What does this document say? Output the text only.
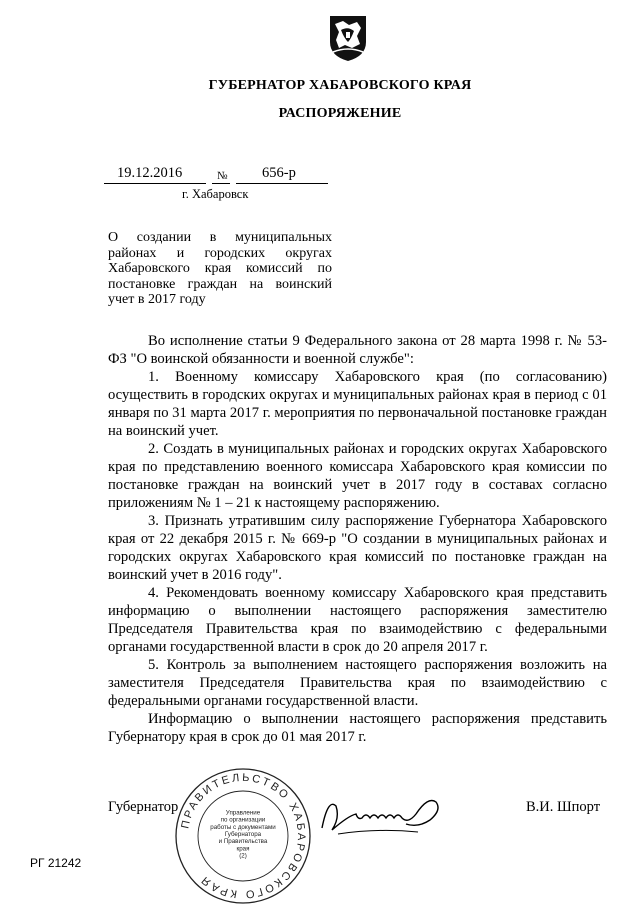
ГУБЕРНАТОР ХАБАРОВСКОГО КРАЯ
РАСПОРЯЖЕНИЕ
19.12.2016	№ 656-р
г. Хабаровск
О создании в муниципальных районах и городских округах Хабаровского края комиссий по постановке граждан на воинский учет в 2017 году

Во исполнение статьи 9 Федерального закона от 28 марта 1998 г. № 53-ФЗ "О воинской обязанности и военной службе":

1. Военному комиссару Хабаровского края (по согласованию) осуществить в городских округах и муниципальных районах края в период с 01 января по 31 марта 2017 г. мероприятия по первоначальной постановке граждан на воинский учет.

2. Создать в муниципальных районах и городских округах Хабаровского края по представлению военного комиссара Хабаровского края комиссии по постановке граждан на воинский учет в 2017 году в составах согласно приложениям № 1 – 21 к настоящему распоряжению.

3. Признать утратившим силу распоряжение Губернатора Хабаровского края от 22 декабря 2015 г. № 669-р "О создании в муниципальных районах и городских округах Хабаровского края комиссий по постановке граждан на воинский учет в 2016 году".

4. Рекомендовать военному комиссару Хабаровского края представить информацию о выполнении настоящего распоряжения заместителю Председателя Правительства края по взаимодействию с федеральными органами государственной власти в срок до 20 апреля 2017 г.

5. Контроль за выполнением настоящего распоряжения возложить на заместителя Председателя Правительства края по взаимодействию с федеральными органами государственной власти.

Информацию о выполнении настоящего распоряжения представить Губернатору края в срок до 01 мая 2017 г.

Губернатор	В.И. Шпорт
ПРАВИТЕЛЬСТВО ХАБАРОВСКОГО КРАЯ
Управление
по организации
работы с документами
Губернатора
и Правительства
края
(2)
РГ 21242
